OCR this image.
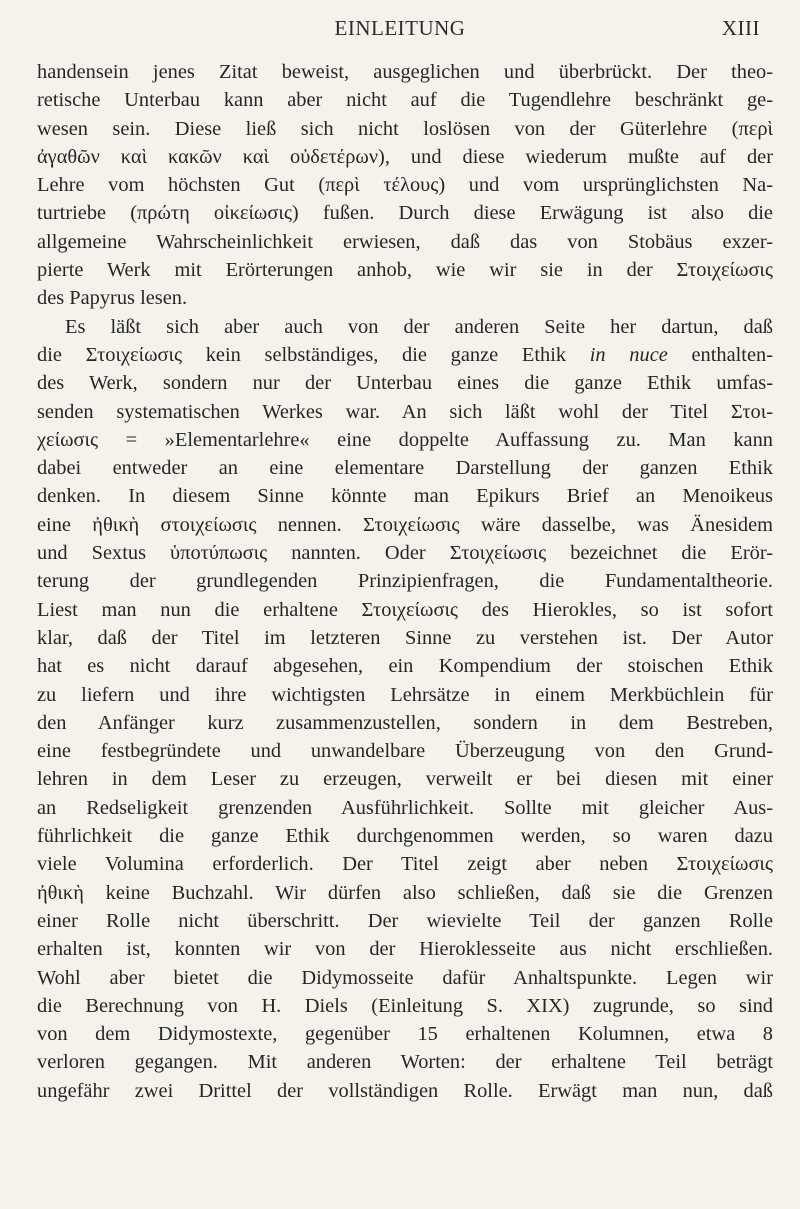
EINLEITUNG	XIII
handensein jenes Zitat beweist, ausgeglichen und überbrückt. Der theo-
retische Unterbau kann aber nicht auf die Tugendlehre beschränkt ge-
wesen sein. Diese ließ sich nicht loslösen von der Güterlehre (περὶ
ἀγαθῶν καὶ κακῶν καὶ οὐδετέρων), und diese wiederum mußte auf der
Lehre vom höchsten Gut (περὶ τέλους) und vom ursprünglichsten Na-
turtriebe (πρώτη οἰκείωσις) fußen. Durch diese Erwägung ist also die
allgemeine Wahrscheinlichkeit erwiesen, daß das von Stobäus exzer-
pierte Werk mit Erörterungen anhob, wie wir sie in der Στοιχείωσις
des Papyrus lesen.
Es läßt sich aber auch von der anderen Seite her dartun, daß
die Στοιχείωσις kein selbständiges, die ganze Ethik in nuce enthalten-
des Werk, sondern nur der Unterbau eines die ganze Ethik umfas-
senden systematischen Werkes war. An sich läßt wohl der Titel Στοι-
χείωσις = »Elementarlehre« eine doppelte Auffassung zu. Man kann
dabei entweder an eine elementare Darstellung der ganzen Ethik
denken. In diesem Sinne könnte man Epikurs Brief an Menoikeus
eine ἠθικὴ στοιχείωσις nennen. Στοιχείωσις wäre dasselbe, was Änesidem
und Sextus ὑποτύπωσις nannten. Oder Στοιχείωσις bezeichnet die Erör-
terung der grundlegenden Prinzipienfragen, die Fundamentaltheorie.
Liest man nun die erhaltene Στοιχείωσις des Hierokles, so ist sofort
klar, daß der Titel im letzteren Sinne zu verstehen ist. Der Autor
hat es nicht darauf abgesehen, ein Kompendium der stoischen Ethik
zu liefern und ihre wichtigsten Lehrsätze in einem Merkbüchlein für
den Anfänger kurz zusammenzustellen, sondern in dem Bestreben,
eine festbegründete und unwandelbare Überzeugung von den Grund-
lehren in dem Leser zu erzeugen, verweilt er bei diesen mit einer
an Redseligkeit grenzenden Ausführlichkeit. Sollte mit gleicher Aus-
führlichkeit die ganze Ethik durchgenommen werden, so waren dazu
viele Volumina erforderlich. Der Titel zeigt aber neben Στοιχείωσις
ἠθικὴ keine Buchzahl. Wir dürfen also schließen, daß sie die Grenzen
einer Rolle nicht überschritt. Der wievielte Teil der ganzen Rolle
erhalten ist, konnten wir von der Hieroklesseite aus nicht erschließen.
Wohl aber bietet die Didymosseite dafür Anhaltspunkte. Legen wir
die Berechnung von H. Diels (Einleitung S. XIX) zugrunde, so sind
von dem Didymostexte, gegenüber 15 erhaltenen Kolumnen, etwa 8
verloren gegangen. Mit anderen Worten: der erhaltene Teil beträgt
ungefähr zwei Drittel der vollständigen Rolle. Erwägt man nun, daß
